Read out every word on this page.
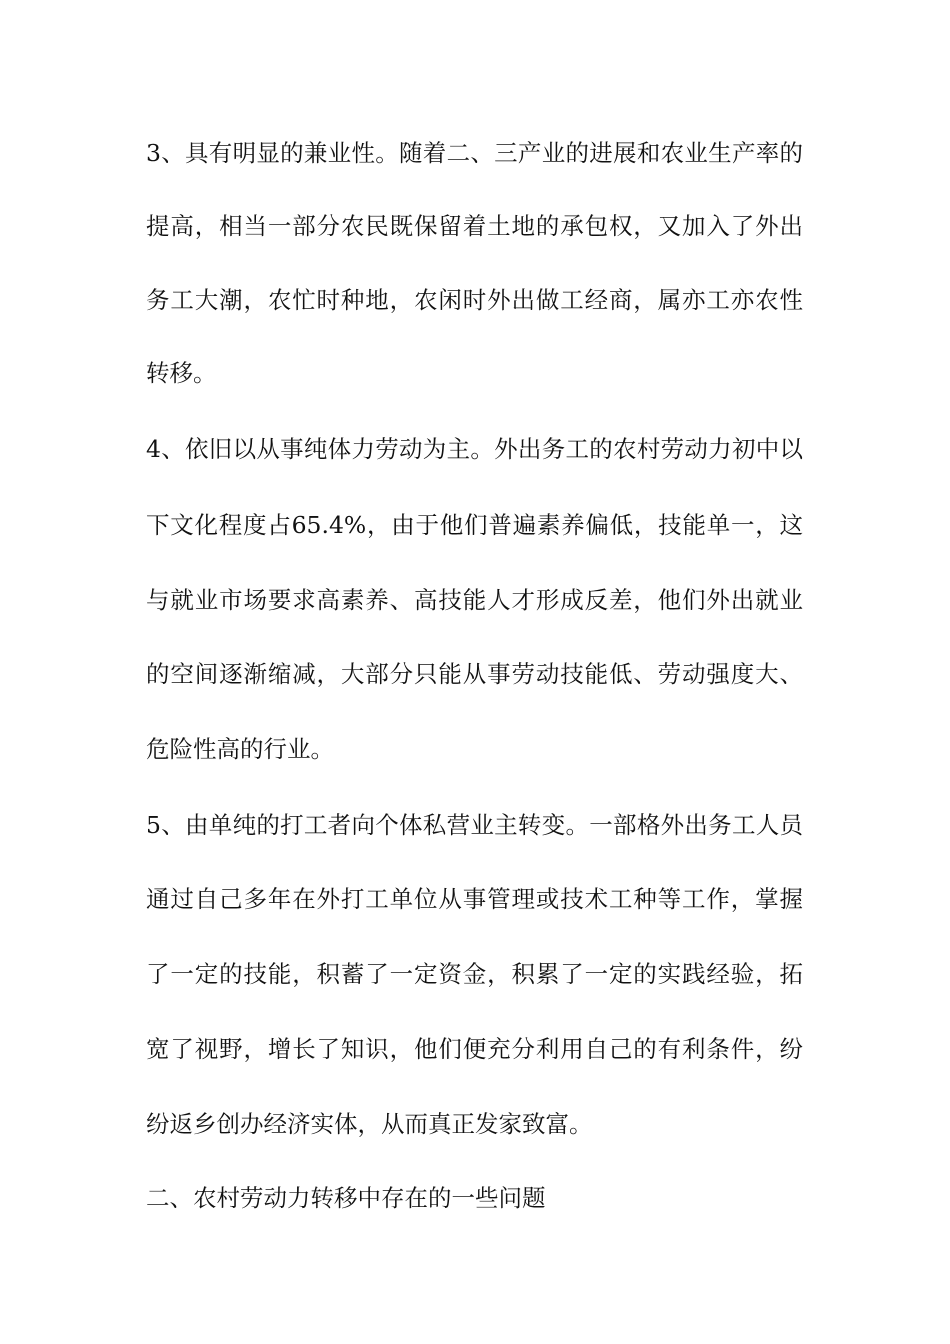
3、具有明显的兼业性。随着二、三产业的进展和农业生产率的
提高，相当一部分农民既保留着土地的承包权，又加入了外出
务工大潮，农忙时种地，农闲时外出做工经商，属亦工亦农性
转移。
4、依旧以从事纯体力劳动为主。外出务工的农村劳动力初中以
下文化程度占65.4%，由于他们普遍素养偏低，技能单一，这
与就业市场要求高素养、高技能人才形成反差，他们外出就业
的空间逐渐缩减，大部分只能从事劳动技能低、劳动强度大、
危险性高的行业。
5、由单纯的打工者向个体私营业主转变。一部格外出务工人员
通过自己多年在外打工单位从事管理或技术工种等工作，掌握
了一定的技能，积蓄了一定资金，积累了一定的实践经验，拓
宽了视野，增长了知识，他们便充分利用自己的有利条件，纷
纷返乡创办经济实体，从而真正发家致富。
二、农村劳动力转移中存在的一些问题
